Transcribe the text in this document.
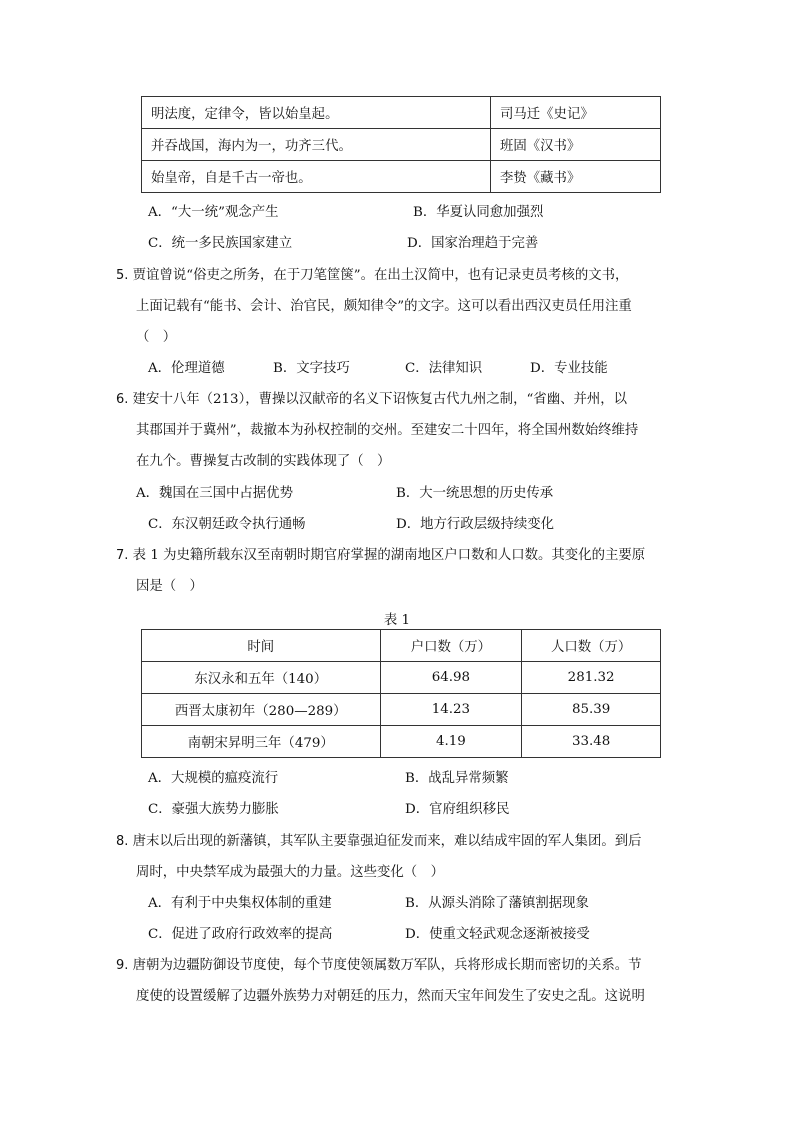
明法度，定律令，皆以始皇起。	司马迁《史记》
并吞战国，海内为一，功齐三代。	班固《汉书》
始皇帝，自是千古一帝也。	李贽《藏书》
A．“大一统”观念产生	B．华夏认同愈加强烈
C．统一多民族国家建立	D．国家治理趋于完善
5. 贾谊曾说“俗吏之所务，在于刀笔筐箧”。在出土汉简中，也有记录吏员考核的文书，
上面记载有“能书、会计、治官民，颇知律令”的文字。这可以看出西汉吏员任用注重
（　）
A．伦理道德	B．文字技巧	C．法律知识	D．专业技能
6. 建安十八年（213），曹操以汉献帝的名义下诏恢复古代九州之制，“省幽、并州，以
其郡国并于冀州”，裁撤本为孙权控制的交州。至建安二十四年，将全国州数始终维持
在九个。曹操复古改制的实践体现了（　）
A．魏国在三国中占据优势	B．大一统思想的历史传承
C．东汉朝廷政令执行通畅	D．地方行政层级持续变化
7. 表 1 为史籍所载东汉至南朝时期官府掌握的湖南地区户口数和人口数。其变化的主要原
因是（　）
表 1
时间	户口数（万）	人口数（万）
东汉永和五年（140）	64.98	281.32
西晋太康初年（280—289）	14.23	85.39
南朝宋昇明三年（479）	4.19	33.48
A．大规模的瘟疫流行	B．战乱异常频繁
C．豪强大族势力膨胀	D．官府组织移民
8. 唐末以后出现的新藩镇，其军队主要靠强迫征发而来，难以结成牢固的军人集团。到后
周时，中央禁军成为最强大的力量。这些变化（　）
A．有利于中央集权体制的重建	B．从源头消除了藩镇割据现象
C．促进了政府行政效率的提高	D．使重文轻武观念逐渐被接受
9. 唐朝为边疆防御设节度使，每个节度使领属数万军队，兵将形成长期而密切的关系。节
度使的设置缓解了边疆外族势力对朝廷的压力，然而天宝年间发生了安史之乱。这说明
